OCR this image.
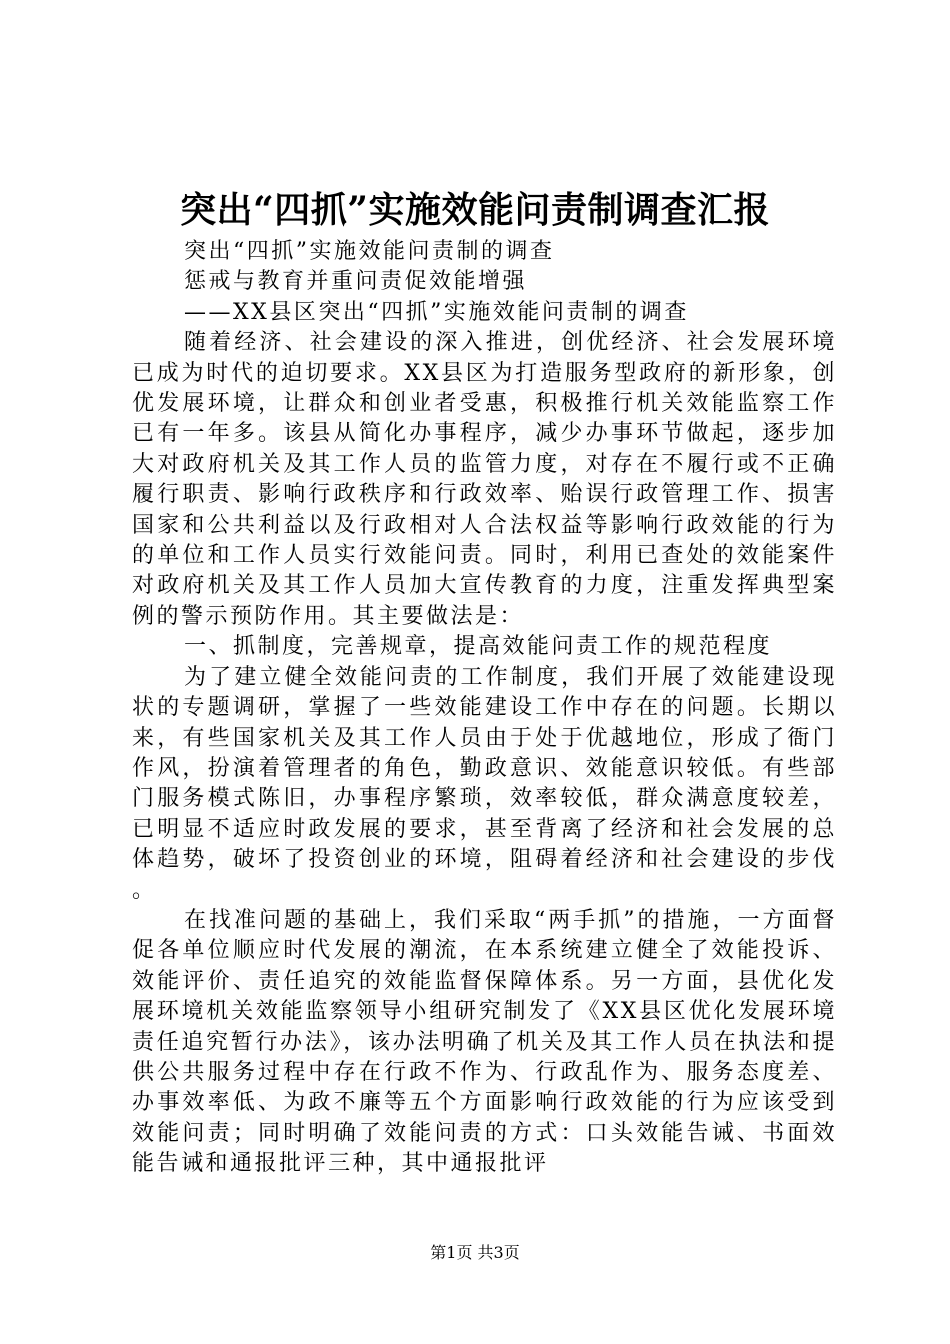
突出“四抓”实施效能问责制调查汇报

突出“四抓”实施效能问责制的调查

惩戒与教育并重问责促效能增强

——XX县区突出“四抓”实施效能问责制的调查

随着经济、社会建设的深入推进，创优经济、社会发展环境已成为时代的迫切要求。XX县区为打造服务型政府的新形象，创优发展环境，让群众和创业者受惠，积极推行机关效能监察工作已有一年多。该县从简化办事程序，减少办事环节做起，逐步加大对政府机关及其工作人员的监管力度，对存在不履行或不正确履行职责、影响行政秩序和行政效率、贻误行政管理工作、损害国家和公共利益以及行政相对人合法权益等影响行政效能的行为的单位和工作人员实行效能问责。同时，利用已查处的效能案件对政府机关及其工作人员加大宣传教育的力度，注重发挥典型案例的警示预防作用。其主要做法是：

一、抓制度，完善规章，提高效能问责工作的规范程度

为了建立健全效能问责的工作制度，我们开展了效能建设现状的专题调研，掌握了一些效能建设工作中存在的问题。长期以来，有些国家机关及其工作人员由于处于优越地位，形成了衙门作风，扮演着管理者的角色，勤政意识、效能意识较低。有些部门服务模式陈旧，办事程序繁琐，效率较低，群众满意度较差，已明显不适应时政发展的要求，甚至背离了经济和社会发展的总体趋势，破坏了投资创业的环境，阻碍着经济和社会建设的步伐。

在找准问题的基础上，我们采取“两手抓”的措施，一方面督促各单位顺应时代发展的潮流，在本系统建立健全了效能投诉、效能评价、责任追究的效能监督保障体系。另一方面，县优化发展环境机关效能监察领导小组研究制发了《XX县区优化发展环境责任追究暂行办法》，该办法明确了机关及其工作人员在执法和提供公共服务过程中存在行政不作为、行政乱作为、服务态度差、办事效率低、为政不廉等五个方面影响行政效能的行为应该受到效能问责；同时明确了效能问责的方式：口头效能告诫、书面效能告诫和通报批评三种，其中通报批评

第1页 共3页
